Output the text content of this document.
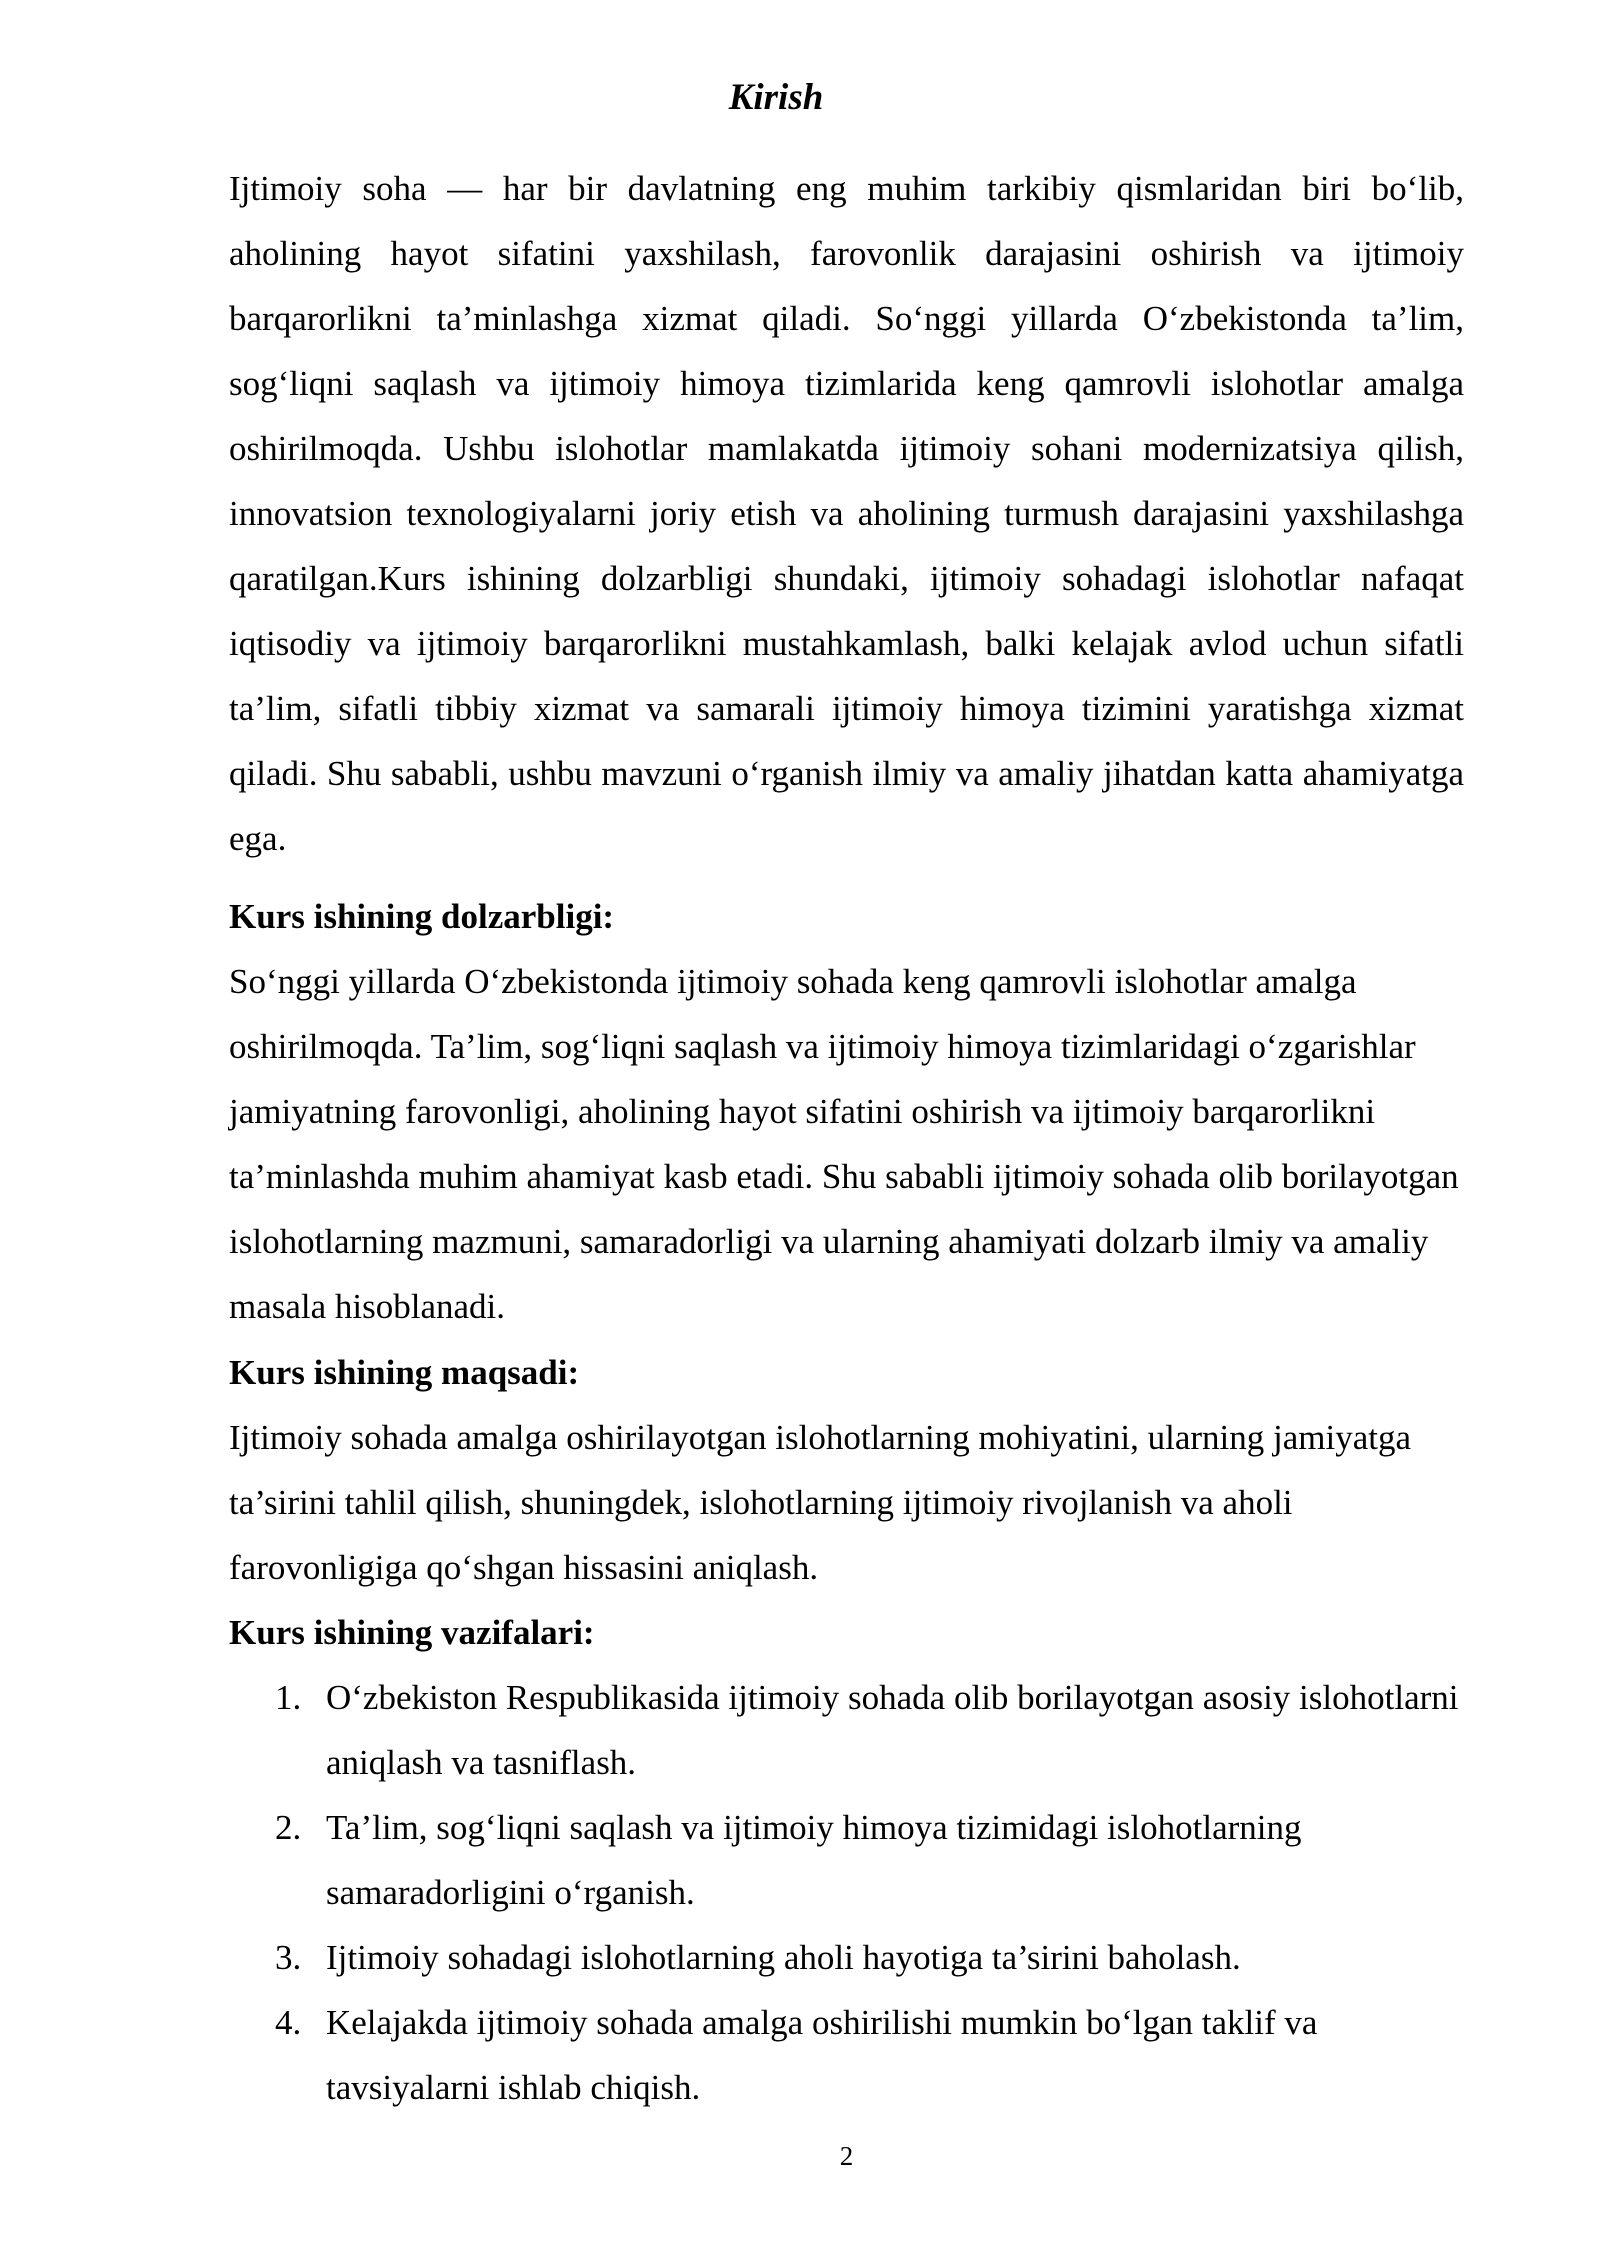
Kirish

Ijtimoiy soha — har bir davlatning eng muhim tarkibiy qismlaridan biri bo‘lib, aholining hayot sifatini yaxshilash, farovonlik darajasini oshirish va ijtimoiy barqarorlikni ta’minlashga xizmat qiladi. So‘nggi yillarda O‘zbekistonda ta’lim, sog‘liqni saqlash va ijtimoiy himoya tizimlarida keng qamrovli islohotlar amalga oshirilmoqda. Ushbu islohotlar mamlakatda ijtimoiy sohani modernizatsiya qilish, innovatsion texnologiyalarni joriy etish va aholining turmush darajasini yaxshilashga qaratilgan.Kurs ishining dolzarbligi shundaki, ijtimoiy sohadagi islohotlar nafaqat iqtisodiy va ijtimoiy barqarorlikni mustahkamlash, balki kelajak avlod uchun sifatli ta’lim, sifatli tibbiy xizmat va samarali ijtimoiy himoya tizimini yaratishga xizmat qiladi. Shu sababli, ushbu mavzuni o‘rganish ilmiy va amaliy jihatdan katta ahamiyatga ega.

Kurs ishining dolzarbligi:

So‘nggi yillarda O‘zbekistonda ijtimoiy sohada keng qamrovli islohotlar amalga oshirilmoqda. Ta’lim, sog‘liqni saqlash va ijtimoiy himoya tizimlaridagi o‘zgarishlar jamiyatning farovonligi, aholining hayot sifatini oshirish va ijtimoiy barqarorlikni ta’minlashda muhim ahamiyat kasb etadi. Shu sababli ijtimoiy sohada olib borilayotgan islohotlarning mazmuni, samaradorligi va ularning ahamiyati dolzarb ilmiy va amaliy masala hisoblanadi.

Kurs ishining maqsadi:

Ijtimoiy sohada amalga oshirilayotgan islohotlarning mohiyatini, ularning jamiyatga ta’sirini tahlil qilish, shuningdek, islohotlarning ijtimoiy rivojlanish va aholi farovonligiga qo‘shgan hissasini aniqlash.

Kurs ishining vazifalari:
1. O‘zbekiston Respublikasida ijtimoiy sohada olib borilayotgan asosiy islohotlarni aniqlash va tasniflash.
2. Ta’lim, sog‘liqni saqlash va ijtimoiy himoya tizimidagi islohotlarning samaradorligini o‘rganish.
3. Ijtimoiy sohadagi islohotlarning aholi hayotiga ta’sirini baholash.
4. Kelajakda ijtimoiy sohada amalga oshirilishi mumkin bo‘lgan taklif va tavsiyalarni ishlab chiqish.
2
